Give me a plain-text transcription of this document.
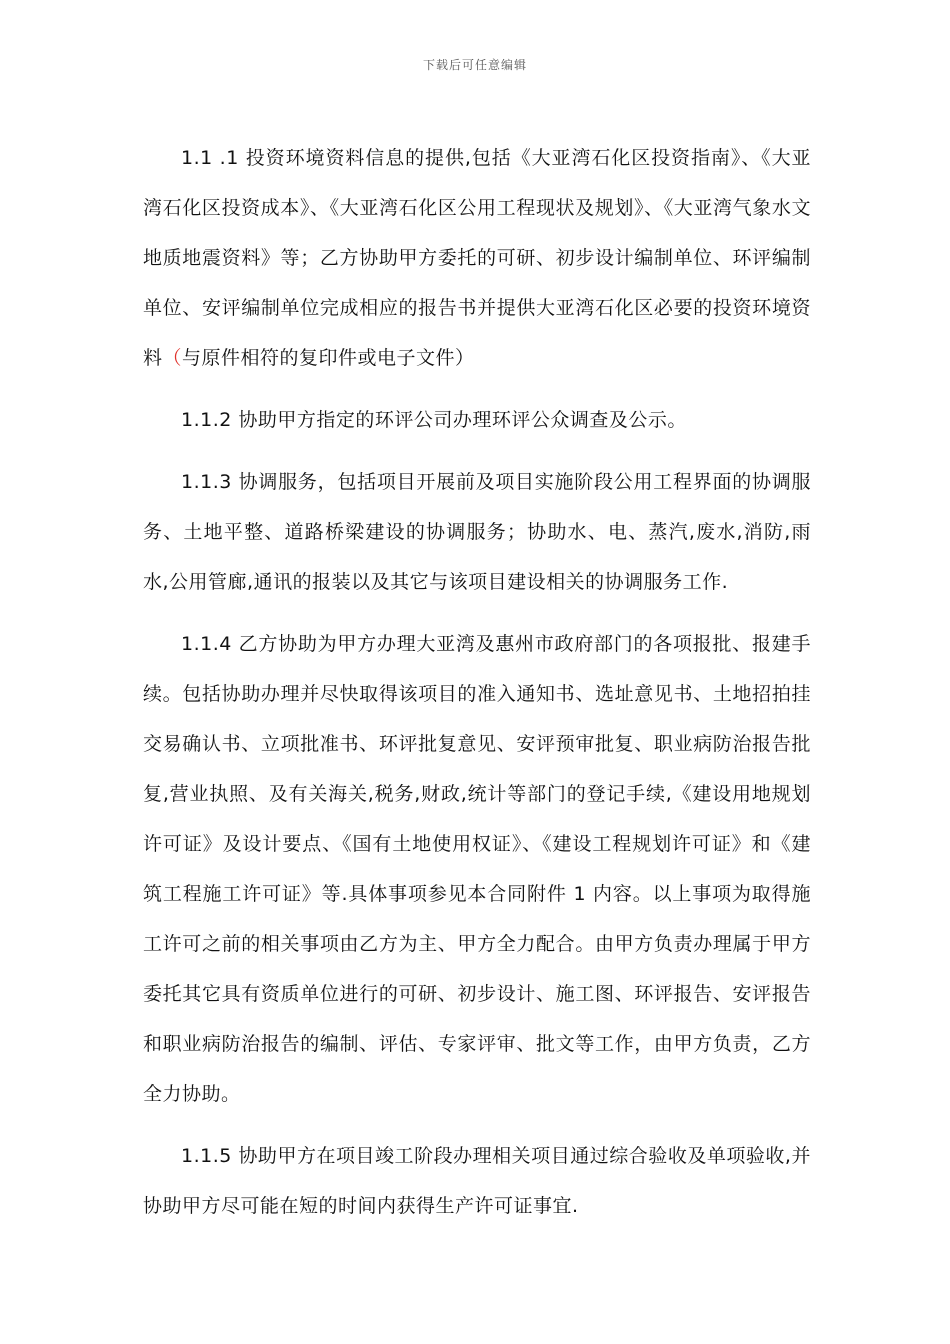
下载后可任意编辑

1.1 .1 投资环境资料信息的提供,包括《大亚湾石化区投资指南》、《大亚湾石化区投资成本》、《大亚湾石化区公用工程现状及规划》、《大亚湾气象水文地质地震资料》等；乙方协助甲方委托的可研、初步设计编制单位、环评编制单位、安评编制单位完成相应的报告书并提供大亚湾石化区必要的投资环境资料（与原件相符的复印件或电子文件）

1.1.2 协助甲方指定的环评公司办理环评公众调查及公示。

1.1.3 协调服务，包括项目开展前及项目实施阶段公用工程界面的协调服务、土地平整、道路桥梁建设的协调服务；协助水、电、蒸汽,废水,消防,雨水,公用管廊,通讯的报装以及其它与该项目建设相关的协调服务工作.

1.1.4 乙方协助为甲方办理大亚湾及惠州市政府部门的各项报批、报建手续。包括协助办理并尽快取得该项目的准入通知书、选址意见书、土地招拍挂交易确认书、立项批准书、环评批复意见、安评预审批复、职业病防治报告批复,营业执照、及有关海关,税务,财政,统计等部门的登记手续,《建设用地规划许可证》及设计要点、《国有土地使用权证》、《建设工程规划许可证》和《建筑工程施工许可证》等.具体事项参见本合同附件 1 内容。以上事项为取得施工许可之前的相关事项由乙方为主、甲方全力配合。由甲方负责办理属于甲方委托其它具有资质单位进行的可研、初步设计、施工图、环评报告、安评报告和职业病防治报告的编制、评估、专家评审、批文等工作，由甲方负责，乙方全力协助。

1.1.5 协助甲方在项目竣工阶段办理相关项目通过综合验收及单项验收,并协助甲方尽可能在短的时间内获得生产许可证事宜.
